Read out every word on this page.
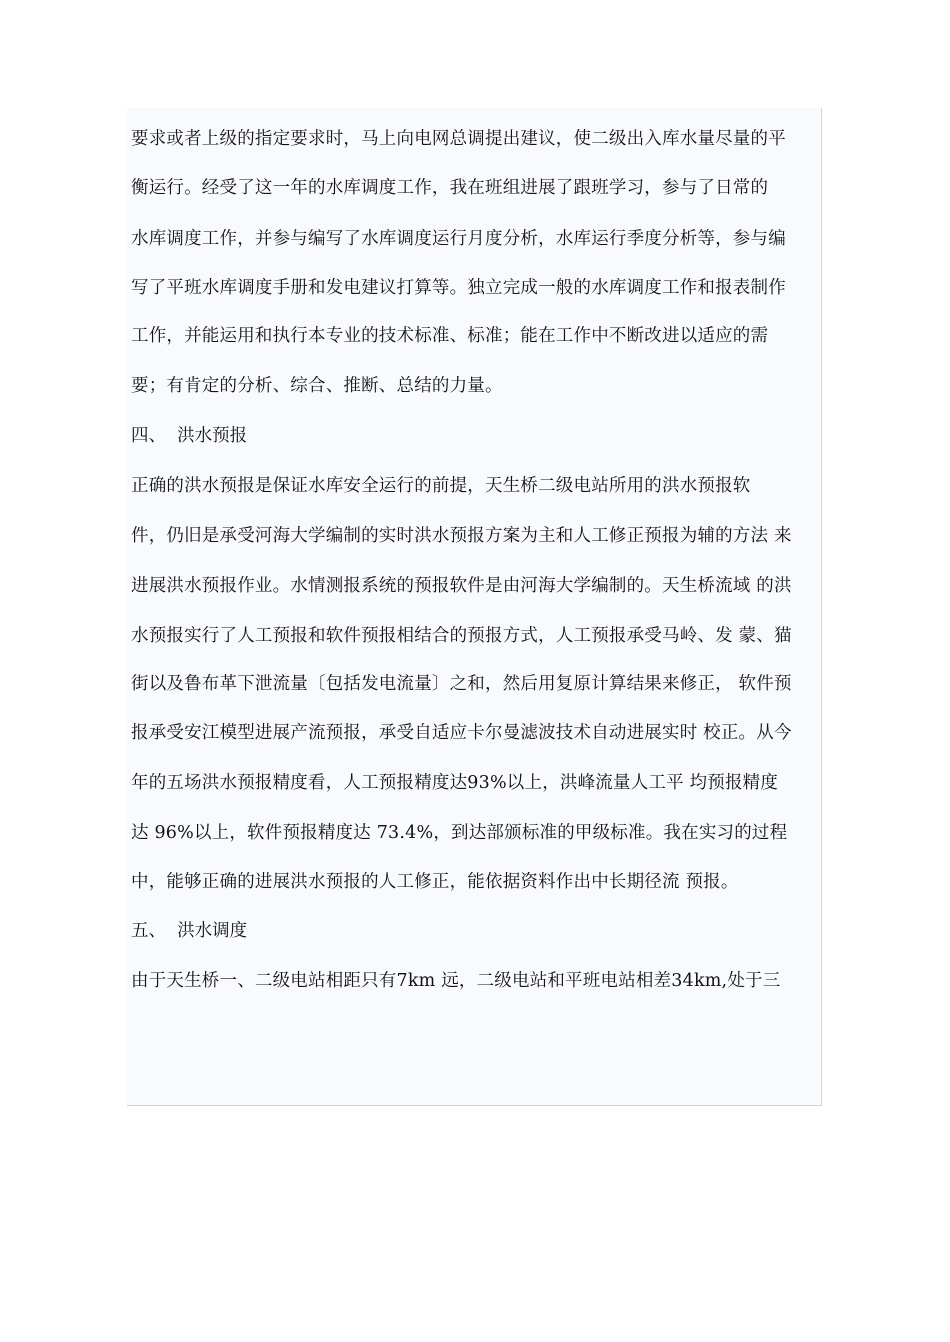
要求或者上级的指定要求时，马上向电网总调提出建议，使二级出入库水量尽量的平
衡运行。经受了这一年的水库调度工作，我在班组进展了跟班学习，参与了日常的
水库调度工作，并参与编写了水库调度运行月度分析，水库运行季度分析等，参与编
写了平班水库调度手册和发电建议打算等。独立完成一般的水库调度工作和报表制作
工作，并能运用和执行本专业的技术标准、标准；能在工作中不断改进以适应的需
要；有肯定的分析、综合、推断、总结的力量。
四、  洪水预报
正确的洪水预报是保证水库安全运行的前提，天生桥二级电站所用的洪水预报软
件，仍旧是承受河海大学编制的实时洪水预报方案为主和人工修正预报为辅的方法 来
进展洪水预报作业。水情测报系统的预报软件是由河海大学编制的。天生桥流域 的洪
水预报实行了人工预报和软件预报相结合的预报方式，人工预报承受马岭、发 蒙、猫
街以及鲁布革下泄流量〔包括发电流量〕之和，然后用复原计算结果来修正， 软件预
报承受安江模型进展产流预报，承受自适应卡尔曼滤波技术自动进展实时 校正。从今
年的五场洪水预报精度看，人工预报精度达93%以上，洪峰流量人工平 均预报精度
达 96%以上，软件预报精度达 73.4%，到达部颁标准的甲级标准。我在实习的过程
中，能够正确的进展洪水预报的人工修正，能依据资料作出中长期径流 预报。
五、  洪水调度
由于天生桥一、二级电站相距只有7km 远，二级电站和平班电站相差34km,处于三
